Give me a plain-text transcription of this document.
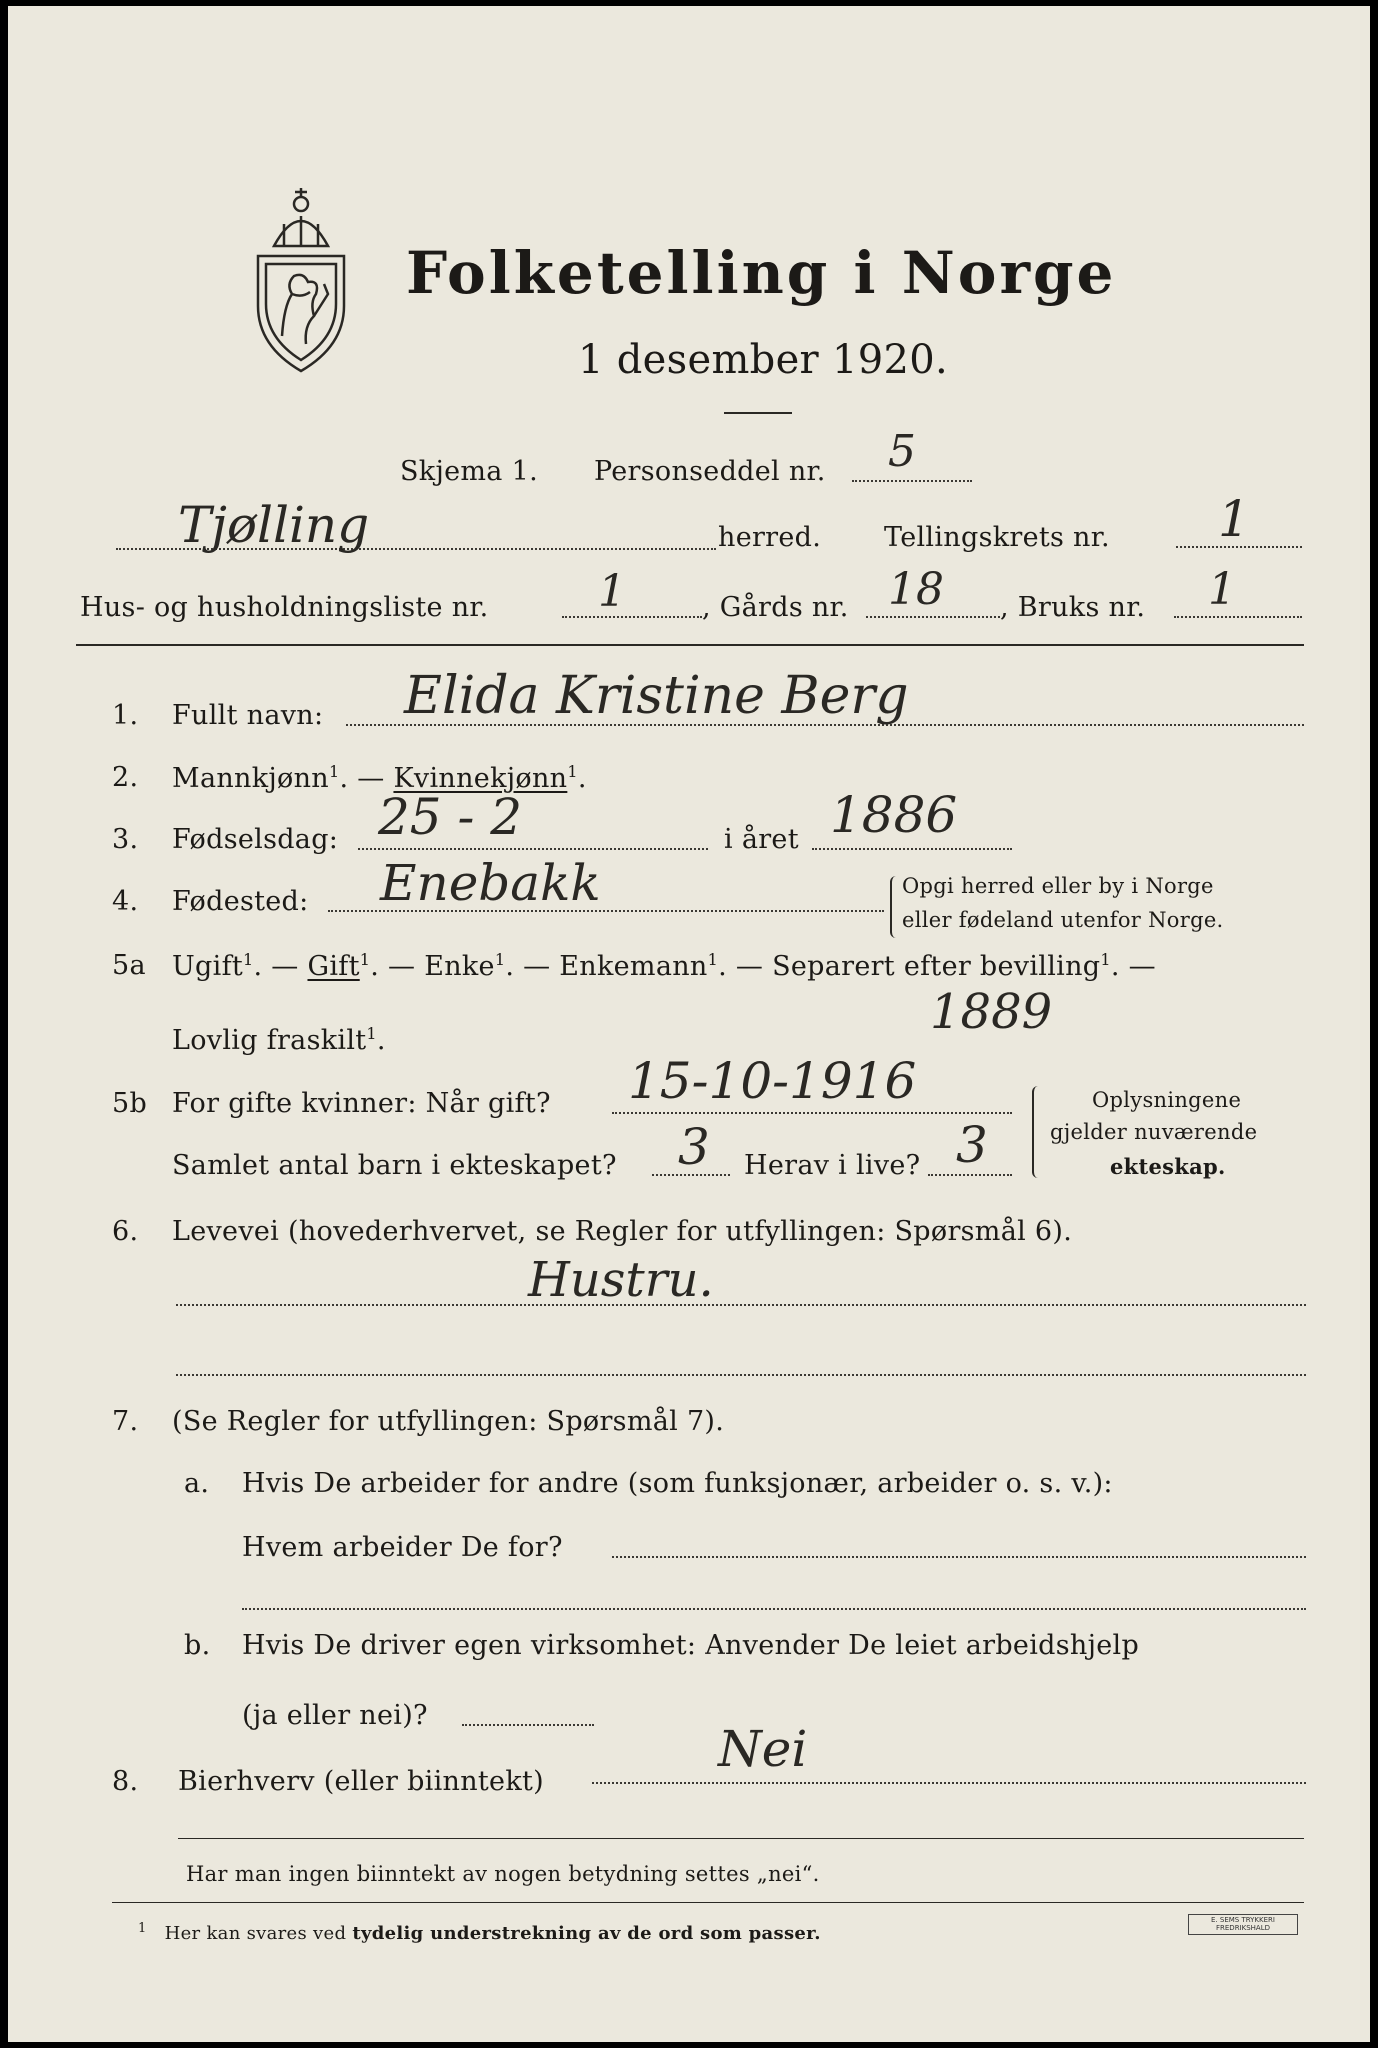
Folketelling i Norge
1 desember 1920.
Skjema 1. Personseddel nr. 5
Tjølling	herred. Tellingskrets nr. 1
Hus- og husholdningsliste nr. 1	, Gårds nr. 18 , Bruks nr. 1
1. Fullt navn: Elida Kristine Berg
2. Mannkjønn$^1$. — Kvinnekjønn$^1$.
3. Fødselsdag: 25 - 2	i året 1886
4. Fødested: Enebakk	Opgi herred eller by i Norge
eller fødeland utenfor Norge.
5a Ugift$^1$. — Gift$^1$. — Enke$^1$. — Enkemann$^1$. — Separert efter bevilling$^1$. —
Lovlig fraskilt$^1$.
1889
5b For gifte kvinner: Når gift? 15-10-1916
Samlet antal barn i ekteskapet? 3 Herav i live? 3
Oplysningene
gjelder nuværende
ekteskap.
6. Levevei (hovederhvervet, se Regler for utfyllingen: Spørsmål 6).
Hustru.
7. (Se Regler for utfyllingen: Spørsmål 7).
a. Hvis De arbeider for andre (som funksjonær, arbeider o. s. v.):
Hvem arbeider De for?
b. Hvis De driver egen virksomhet: Anvender De leiet arbeidshjelp
(ja eller nei)?
8. Bierhverv (eller biinntekt)
Nei
Har man ingen biinntekt av nogen betydning settes „nei“.
$^1$ Her kan svares ved tydelig understrekning av de ord som passer.
E. SEMS TRYKKERI
FREDRIKSHALD
